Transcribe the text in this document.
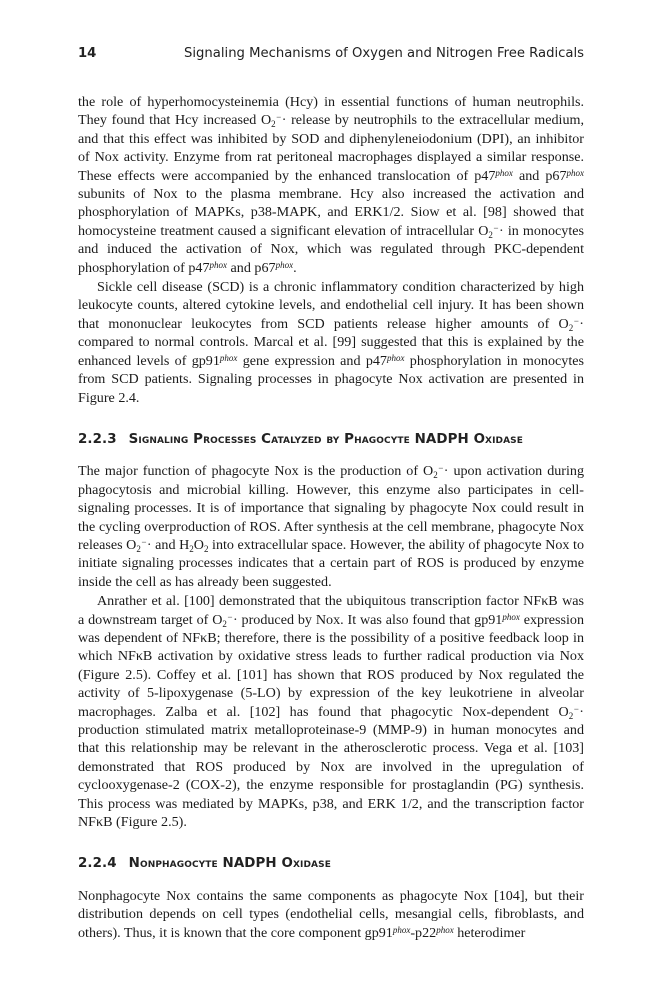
14	Signaling Mechanisms of Oxygen and Nitrogen Free Radicals

the role of hyperhomocysteinemia (Hcy) in essential functions of human neutrophils. They found that Hcy increased $O_2^-\cdot$ release by neutrophils to the extracellular medium, and that this effect was inhibited by SOD and diphenyleneiodonium (DPI), an inhibitor of Nox activity. Enzyme from rat peritoneal macrophages displayed a similar response. These effects were accompanied by the enhanced translocation of $p47^{phox}$ and $p67^{phox}$ subunits of Nox to the plasma membrane. Hcy also increased the activation and phosphorylation of MAPKs, p38-MAPK, and ERK1/2. Siow et al. [98] showed that homocysteine treatment caused a significant elevation of intracellular $O_2^-\cdot$ in monocytes and induced the activation of Nox, which was regulated through PKC-dependent phosphorylation of $p47^{phox}$ and $p67^{phox}$.

Sickle cell disease (SCD) is a chronic inflammatory condition characterized by high leukocyte counts, altered cytokine levels, and endothelial cell injury. It has been shown that mononuclear leukocytes from SCD patients release higher amounts of $O_2^-\cdot$ compared to normal controls. Marcal et al. [99] suggested that this is explained by the enhanced levels of $gp91^{phox}$ gene expression and $p47^{phox}$ phosphorylation in monocytes from SCD patients. Signaling processes in phagocyte Nox activation are presented in Figure 2.4.

2.2.3 Signaling Processes Catalyzed by Phagocyte NADPH Oxidase

The major function of phagocyte Nox is the production of $O_2^-\cdot$ upon activation during phagocytosis and microbial killing. However, this enzyme also participates in cell-signaling processes. It is of importance that signaling by phagocyte Nox could result in the cycling overproduction of ROS. After synthesis at the cell membrane, phagocyte Nox releases $O_2^-\cdot$ and $H_2O_2$ into extracellular space. However, the ability of phagocyte Nox to initiate signaling processes indicates that a certain part of ROS is produced by enzyme inside the cell as has already been suggested.

Anrather et al. [100] demonstrated that the ubiquitous transcription factor NFκB was a downstream target of $O_2^-\cdot$ produced by Nox. It was also found that $gp91^{phox}$ expression was dependent of NFκB; therefore, there is the possibility of a positive feedback loop in which NFκB activation by oxidative stress leads to further radical production via Nox (Figure 2.5). Coffey et al. [101] has shown that ROS produced by Nox regulated the activity of 5-lipoxygenase (5-LO) by expression of the key leukotriene in alveolar macrophages. Zalba et al. [102] has found that phagocytic Nox-dependent $O_2^-\cdot$ production stimulated matrix metalloproteinase-9 (MMP-9) in human monocytes and that this relationship may be relevant in the atherosclerotic process. Vega et al. [103] demonstrated that ROS produced by Nox are involved in the upregulation of cyclooxygenase-2 (COX-2), the enzyme responsible for prostaglandin (PG) synthesis. This process was mediated by MAPKs, p38, and ERK 1/2, and the transcription factor NFκB (Figure 2.5).

2.2.4 Nonphagocyte NADPH Oxidase

Nonphagocyte Nox contains the same components as phagocyte Nox [104], but their distribution depends on cell types (endothelial cells, mesangial cells, fibroblasts, and others). Thus, it is known that the core component $gp91^{phox}-p22^{phox}$ heterodimer
